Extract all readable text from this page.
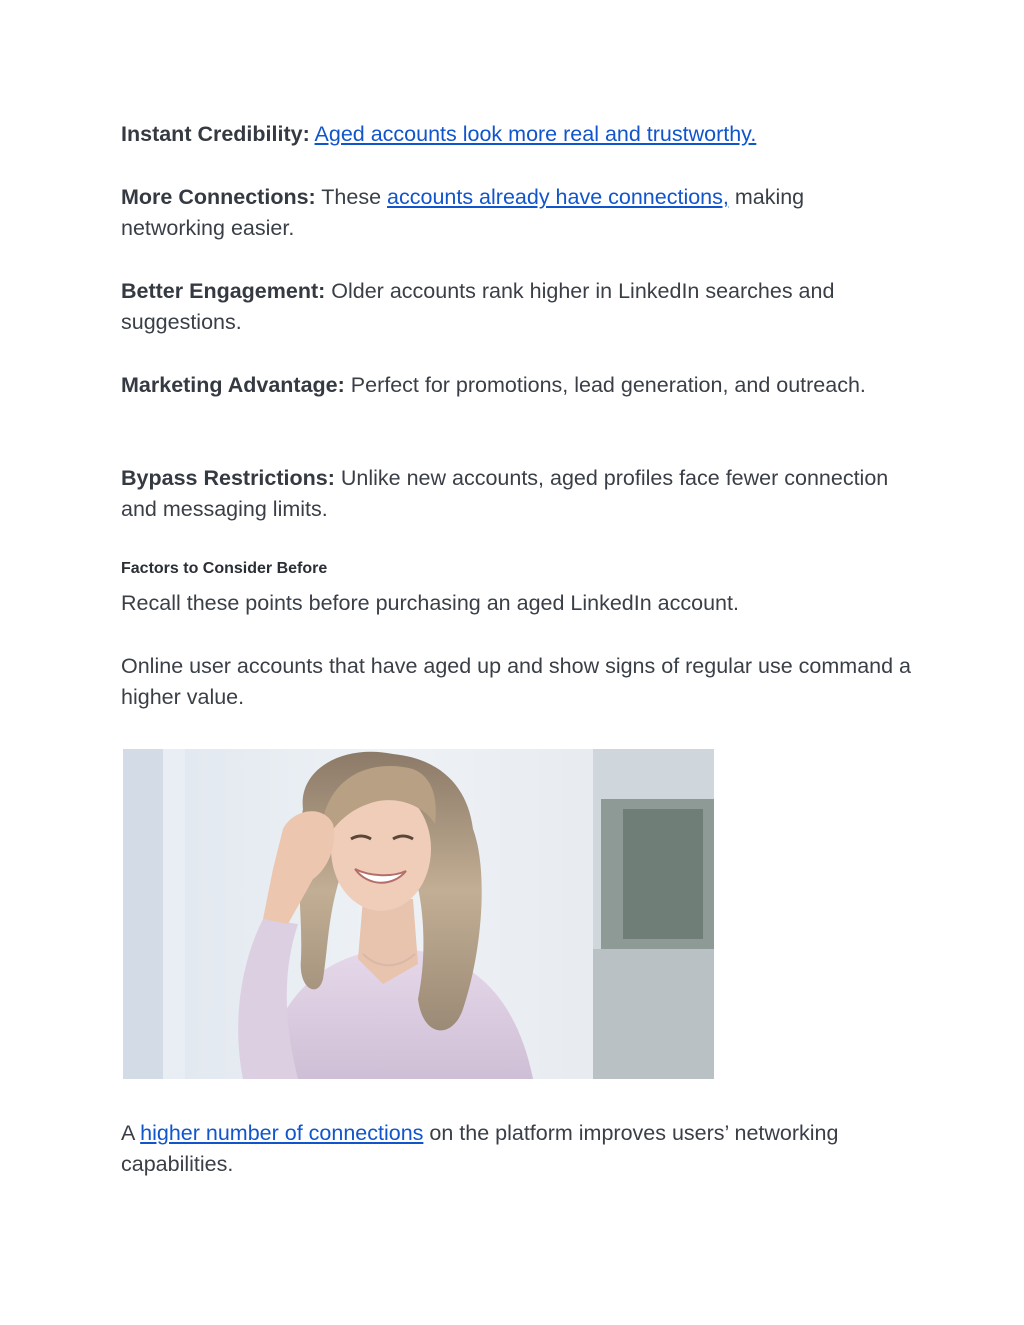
Instant Credibility: Aged accounts look more real and trustworthy.

More Connections: These accounts already have connections, making networking easier.

Better Engagement: Older accounts rank higher in LinkedIn searches and suggestions.

Marketing Advantage: Perfect for promotions, lead generation, and outreach.

Bypass Restrictions: Unlike new accounts, aged profiles face fewer connection and messaging limits.

Factors to Consider Before

Recall these points before purchasing an aged LinkedIn account.

Online user accounts that have aged up and show signs of regular use command a higher value.

A higher number of connections on the platform improves users’ networking capabilities.
